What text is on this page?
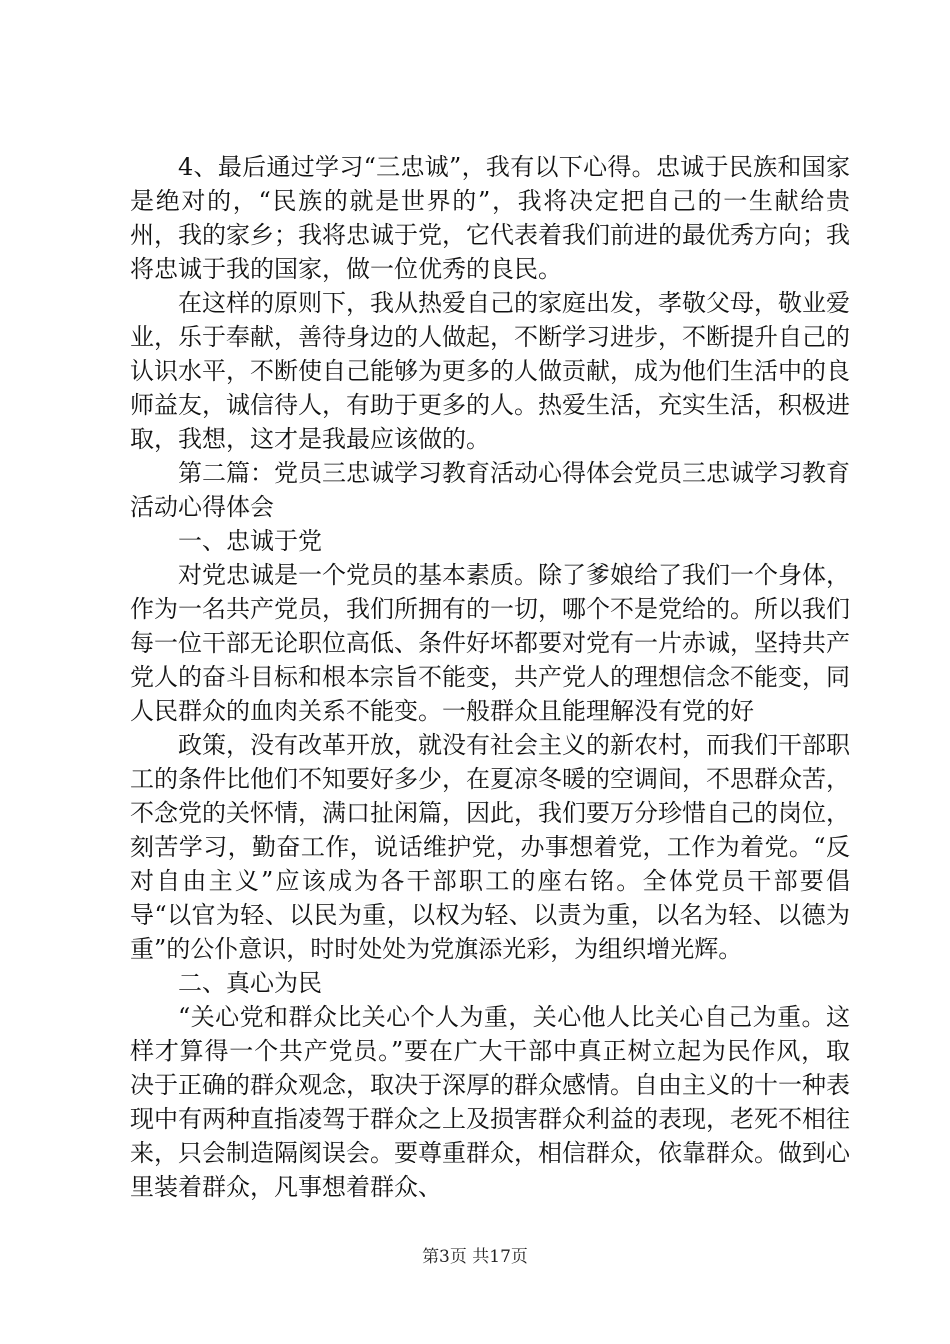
4、最后通过学习“三忠诚”，我有以下心得。忠诚于民族和国家是绝对的，“民族的就是世界的”，我将决定把自己的一生献给贵州，我的家乡；我将忠诚于党，它代表着我们前进的最优秀方向；我将忠诚于我的国家，做一位优秀的良民。

在这样的原则下，我从热爱自己的家庭出发，孝敬父母，敬业爱业，乐于奉献，善待身边的人做起，不断学习进步，不断提升自己的认识水平，不断使自己能够为更多的人做贡献，成为他们生活中的良师益友，诚信待人，有助于更多的人。热爱生活，充实生活，积极进取，我想，这才是我最应该做的。

第二篇：党员三忠诚学习教育活动心得体会党员三忠诚学习教育活动心得体会

一、忠诚于党

对党忠诚是一个党员的基本素质。除了爹娘给了我们一个身体，作为一名共产党员，我们所拥有的一切，哪个不是党给的。所以我们每一位干部无论职位高低、条件好坏都要对党有一片赤诚，坚持共产党人的奋斗目标和根本宗旨不能变，共产党人的理想信念不能变，同人民群众的血肉关系不能变。一般群众且能理解没有党的好

政策，没有改革开放，就没有社会主义的新农村，而我们干部职工的条件比他们不知要好多少，在夏凉冬暖的空调间，不思群众苦，不念党的关怀情，满口扯闲篇，因此，我们要万分珍惜自己的岗位，刻苦学习，勤奋工作，说话维护党，办事想着党，工作为着党。“反对自由主义”应该成为各干部职工的座右铭。全体党员干部要倡导“以官为轻、以民为重，以权为轻、以责为重，以名为轻、以德为重”的公仆意识，时时处处为党旗添光彩，为组织增光辉。

二、真心为民

“关心党和群众比关心个人为重，关心他人比关心自己为重。这样才算得一个共产党员。”要在广大干部中真正树立起为民作风，取决于正确的群众观念，取决于深厚的群众感情。自由主义的十一种表现中有两种直指凌驾于群众之上及损害群众利益的表现，老死不相往来，只会制造隔阂误会。要尊重群众，相信群众，依靠群众。做到心里装着群众，凡事想着群众、

第3页 共17页
